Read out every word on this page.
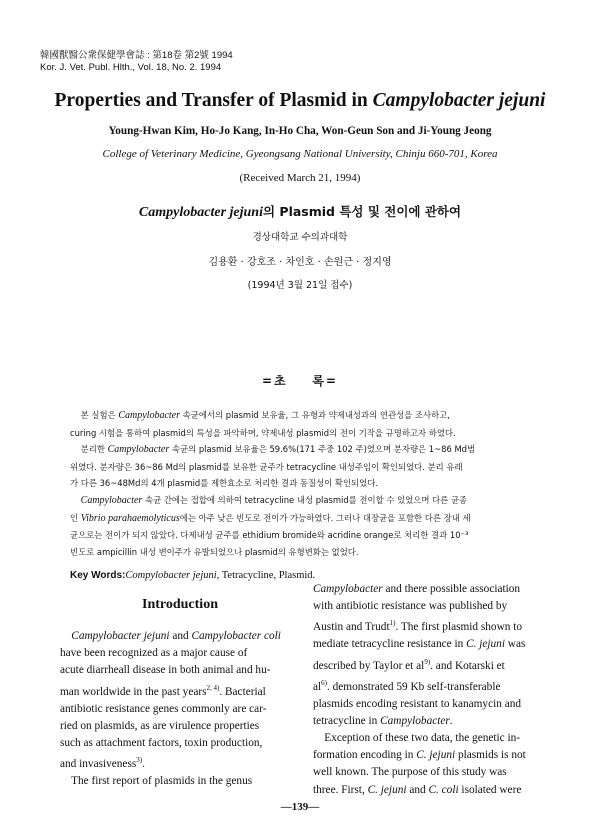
韓國獸醫公衆保健學會誌 : 第18卷 第2號 1994
Kor. J. Vet. Publ. Hlth., Vol. 18, No. 2. 1994
Properties and Transfer of Plasmid in Campylobacter jejuni
Young-Hwan Kim, Ho-Jo Kang, In-Ho Cha, Won-Geun Son and Ji-Young Jeong
College of Veterinary Medicine, Gyeongsang National University, Chinju 660-701, Korea
(Received March 21, 1994)
Campylobacter jejuni의 Plasmid 특성 및 전이에 관하여
경상대학교 수의과대학
김용환 · 강호조 · 차인호 · 손원근 · 정지영
(1994년 3월 21일 접수)
=초    록=

본 실험은 Campylobacter 속균에서의 plasmid 보유율, 그 유형과 약제내성과의 연관성을 조사하고,

curing 시험을 통하여 plasmid의 특성을 파악하며, 약제내성 plasmid의 전이 기작을 규명하고자 하였다.

분리한 Campylobacter 속균의 plasmid 보유율은 59.6%(171 주중 102 주)였으며 분자량은 1~86 Md범

위였다. 분자량은 36~86 Md의 plasmid를 보유한 균주가 tetracycline 내성주임이 확인되었다. 분리 유래

가 다른 36~48Md의 4개 plasmid를 제한효소로 처리한 결과 동질성이 확인되었다.

Campylobacter 속균 간에는 접합에 의하여 tetracycline 내성 plasmid를 전이할 수 있었으며 다른 균종

인 Vibrio parahaemolyticus에는 아주 낮은 빈도로 전이가 가능하였다. 그러나 대장균을 포함한 다른 장내 세

균으로는 전이가 되지 않았다. 다제내성 균주를 ethidium bromide와 acridine orange로 처리한 결과 10⁻³

빈도로 ampicillin 내성 변이주가 유발되었으나 plasmid의 유형변화는 없었다.

Key Words:Compylobacter jejuni, Tetracycline, Plasmid.
Introduction

Campylobacter jejuni and Campylobacter coli

have been recognized as a major cause of

acute diarrheall disease in both animal and hu-

man worldwide in the past years$^{2, 4)}$. Bacterial

antibiotic resistance genes commonly are car-

ried on plasmids, as are virulence properties

such as attachment factors, toxin production,

and invasiveness$^{3)}$.

The first report of plasmids in the genus

Campylobacter and there possible association

with antibiotic resistance was published by

Austin and Trudt$^{1)}$. The first plasmid shown to

mediate tetracycline resistance in C. jejuni was

described by Taylor et $al^{9)}$. and Kotarski et

$al^{6)}$. demonstrated 59 Kb self-transferable

plasmids encoding resistant to kanamycin and

tetracycline in Campylobacter.

Exception of these two data, the genetic in-

formation encoding in C. jejuni plasmids is not

well known. The purpose of this study was

three. First, C. jejuni and C. coli isolated were

—139—
